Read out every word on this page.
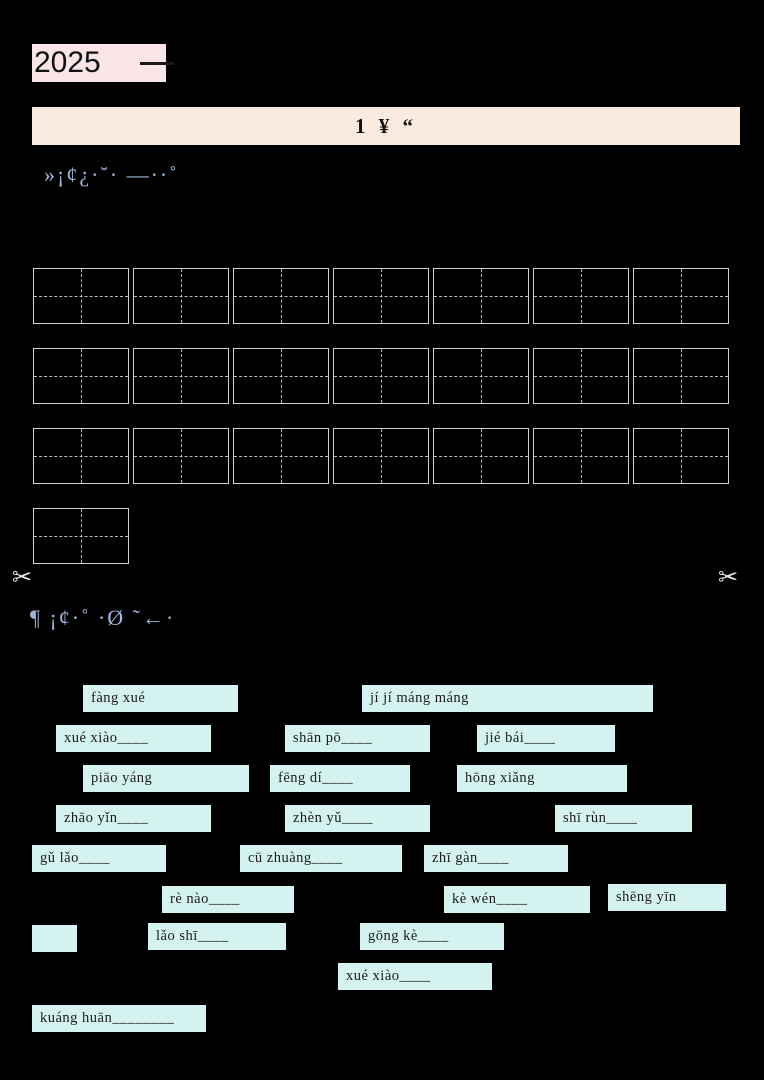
2025
1 ¥ “
»¡¢¿·˘· —··˚
✂	✂
¶ ¡¢·˚ ·Ø ˜←·
fàng xué	jí jí máng máng
xué xiào____	shān pō____	jié bái____
piāo yáng	fēng dí____	hōng xiǎng
zhāo yǐn____	zhèn yǔ____	shī rùn____
gǔ lǎo____	cū zhuàng____	zhī gàn____
rè nào____	kè wén____	shēng yīn
lǎo shī____	gōng kè____
xué xiào____
kuáng huān________
